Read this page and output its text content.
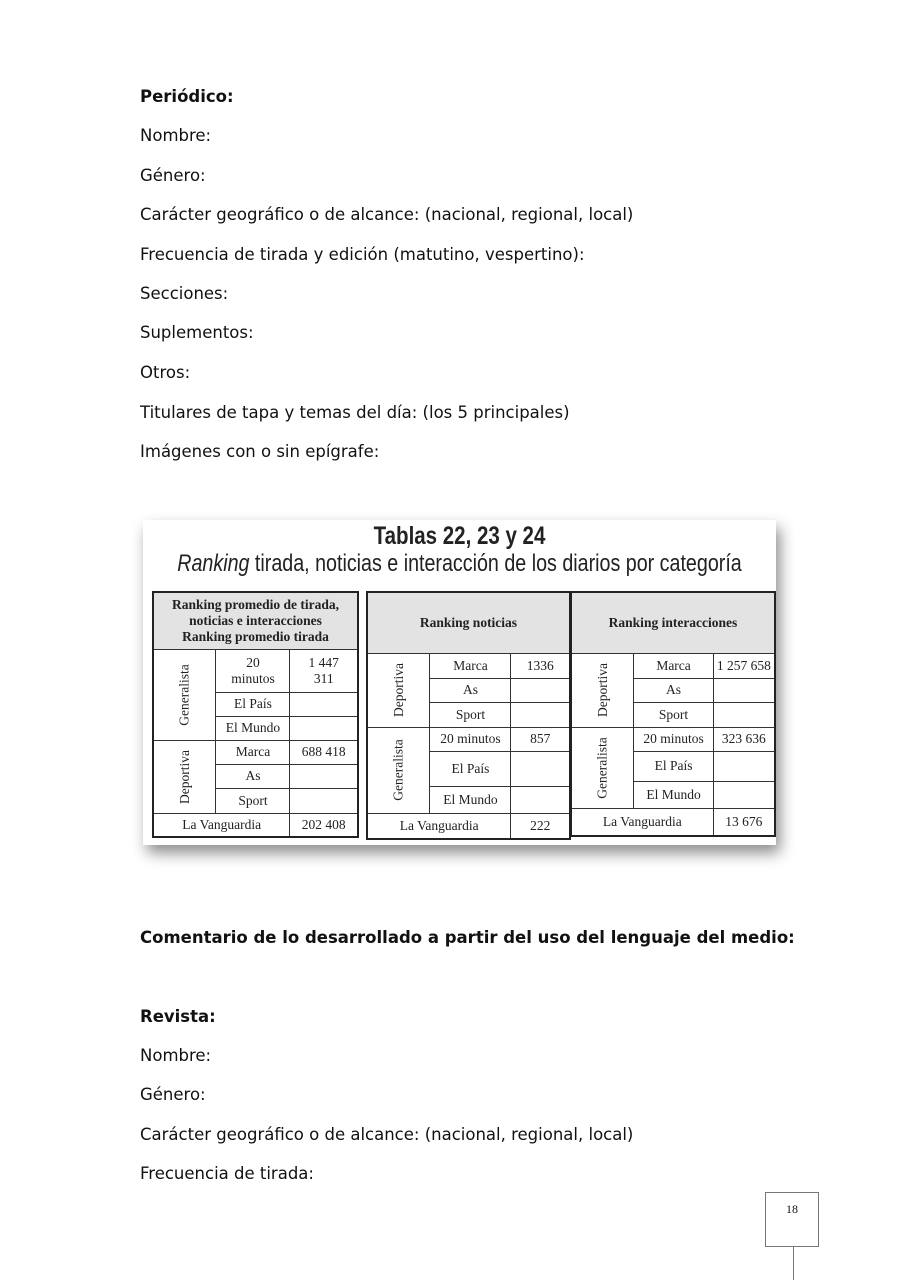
Periódico:
Nombre:
Género:
Carácter geográfico o de alcance: (nacional, regional, local)
Frecuencia de tirada y edición (matutino, vespertino):
Secciones:
Suplementos:
Otros:
Titulares de tapa y temas del día: (los 5 principales)
Imágenes con o sin epígrafe:
Tablas 22, 23 y 24
Ranking tirada, noticias e interacción de los diarios por categoría
Ranking promedio de tirada,
noticias e interacciones
Ranking promedio tirada		

Generalista	20 minutos	1 447 311
	El País	
	El Mundo	
Deportiva	Marca	688 418
	As	
	Sport	
La Vanguardia		202 408
Ranking noticias		

Deportiva	Marca	1336
	As	
	Sport	
Generalista	20 minutos	857
	El País	
	El Mundo	
La Vanguardia		222
Ranking interacciones		

Deportiva	Marca	1 257 658
	As	
	Sport	
Generalista	20 minutos	323 636
	El País	
	El Mundo	
La Vanguardia		13 676
Comentario de lo desarrollado a partir del uso del lenguaje del medio:
Revista:
Nombre:
Género:
Carácter geográfico o de alcance: (nacional, regional, local)
Frecuencia de tirada:
18
